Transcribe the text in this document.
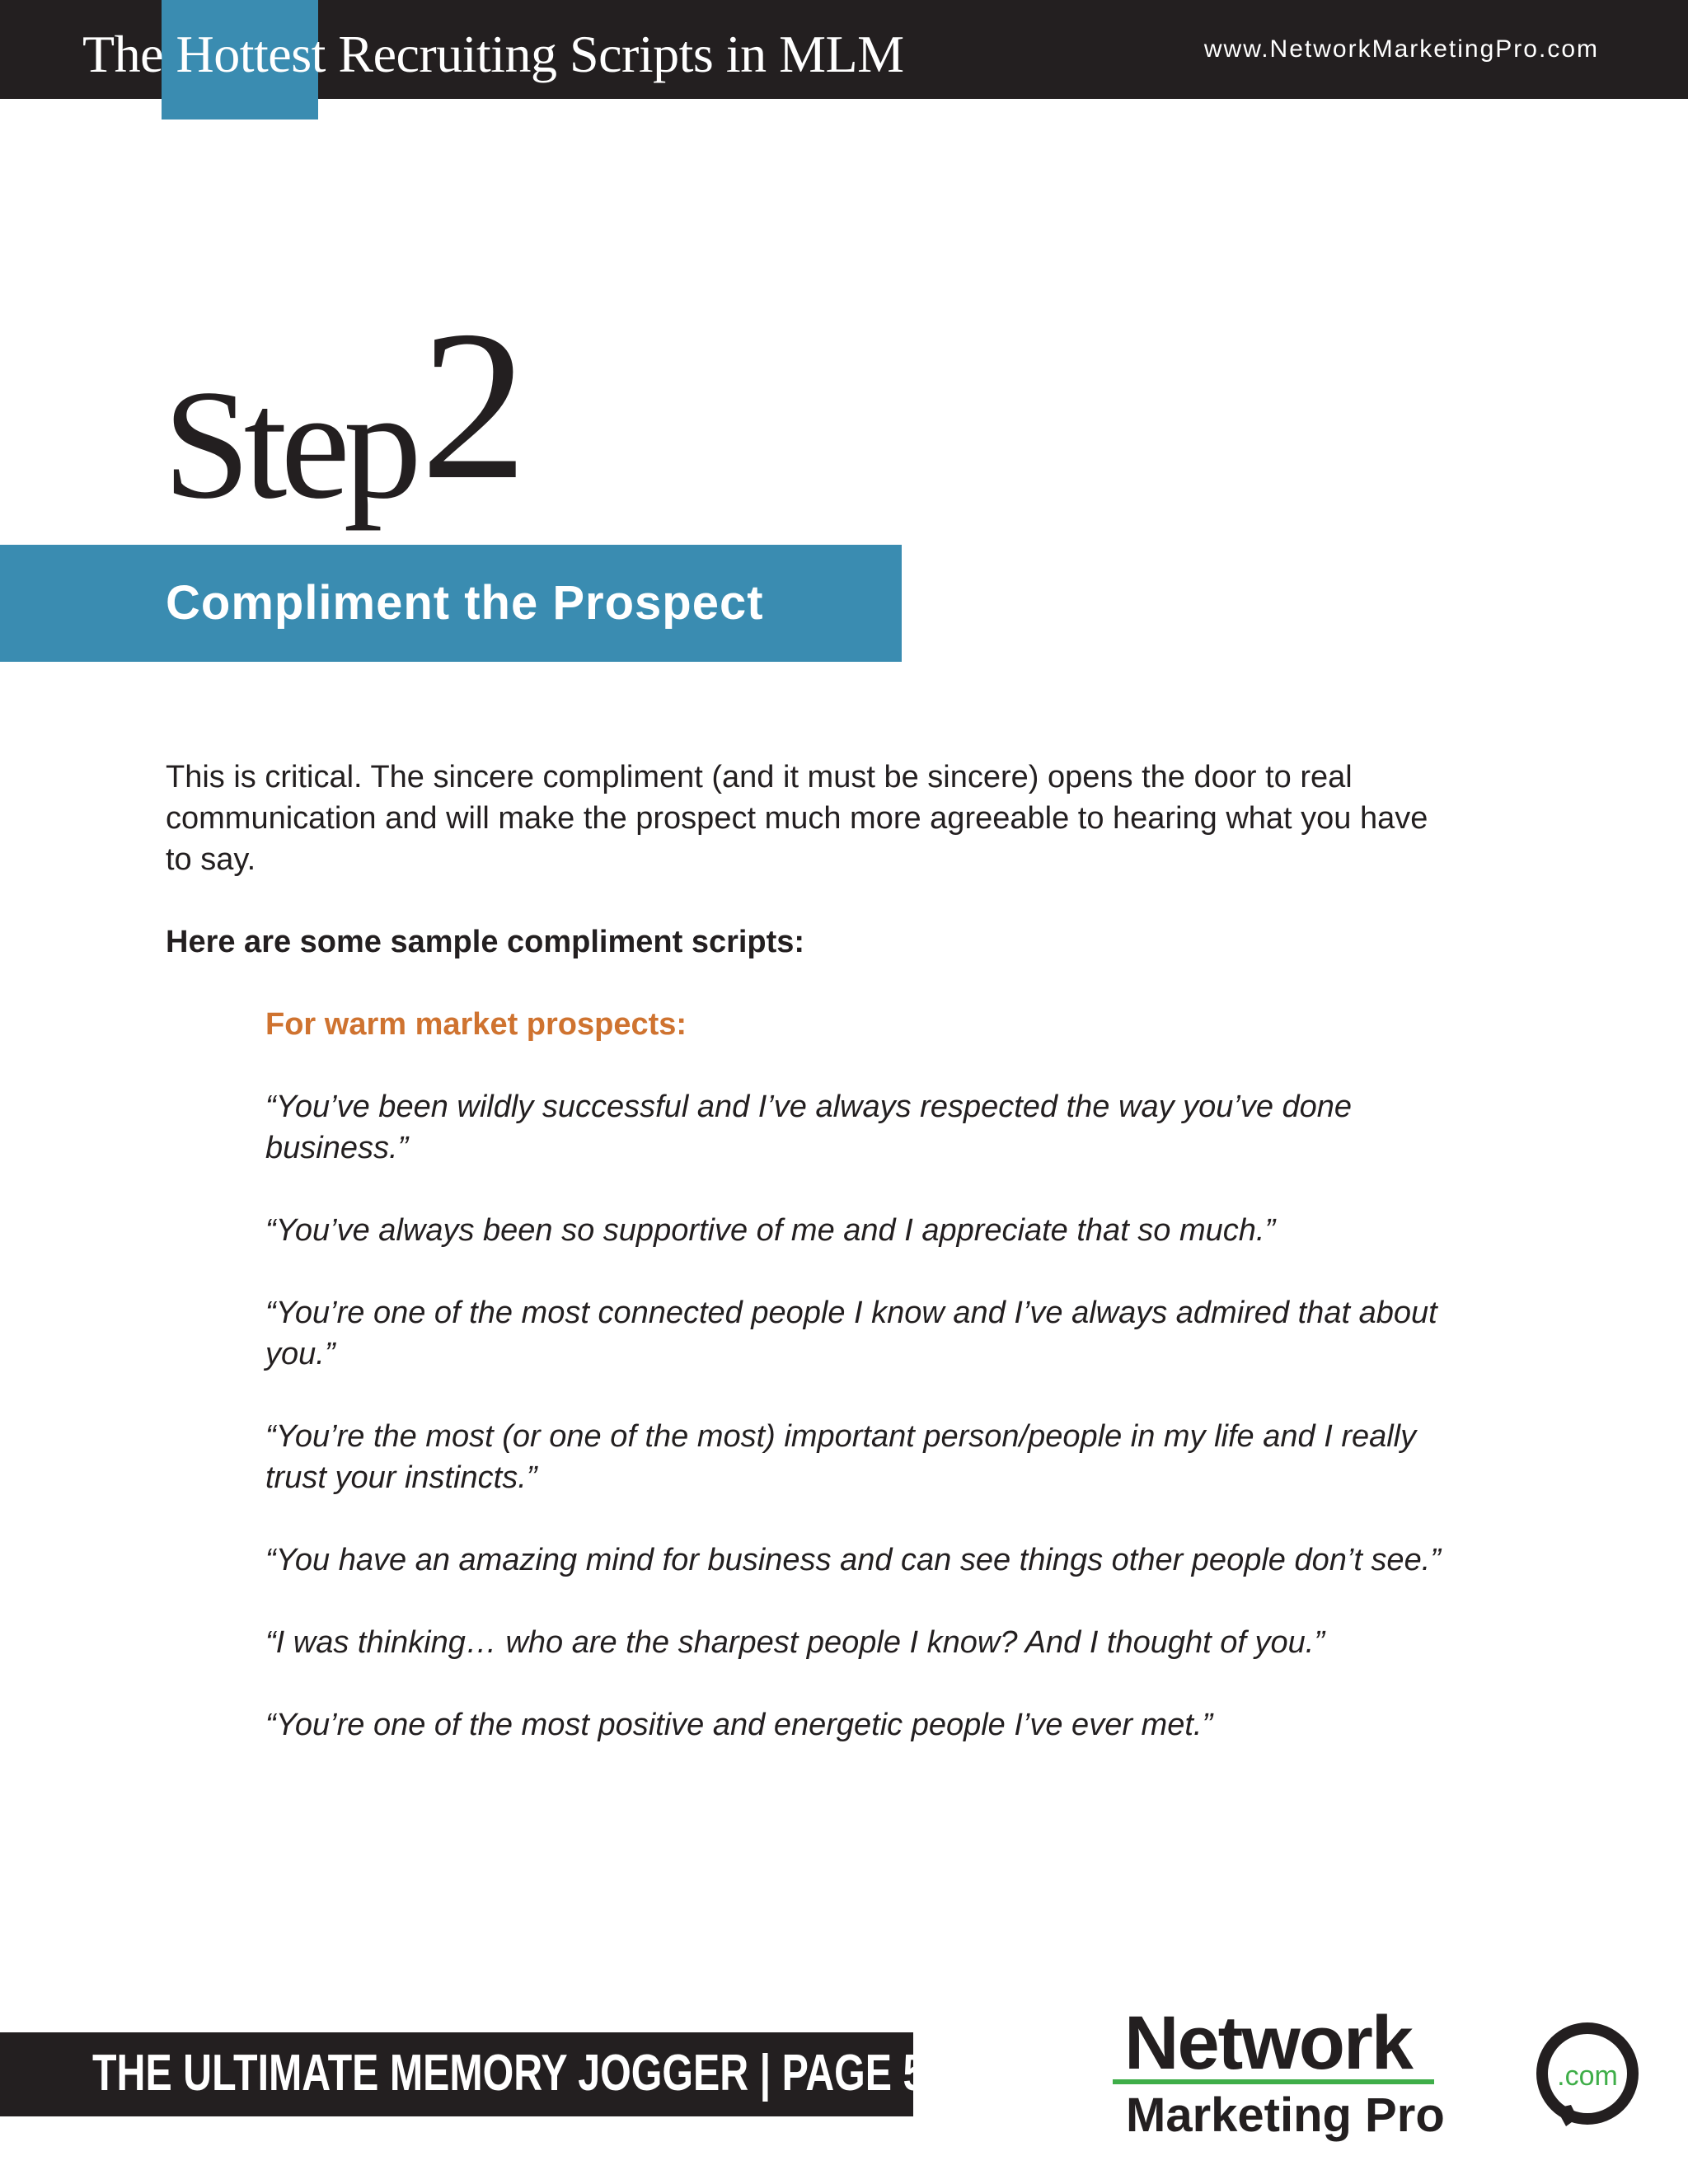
The Hottest Recruiting Scripts in MLM	www.NetworkMarketingPro.com
Step 2
Compliment the Prospect

This is critical. The sincere compliment (and it must be sincere) opens the door to real communication and will make the prospect much more agreeable to hearing what you have to say.

Here are some sample compliment scripts:

For warm market prospects:

“You’ve been wildly successful and I’ve always respected the way you’ve done business.”
“You’ve always been so supportive of me and I appreciate that so much.”
“You’re one of the most connected people I know and I’ve always admired that about you.”
“You’re the most (or one of the most) important person/people in my life and I really trust your instincts.”
“You have an amazing mind for business and can see things other people don’t see.”
“I was thinking… who are the sharpest people I know? And I thought of you.”
“You’re one of the most positive and energetic people I’ve ever met.”

THE ULTIMATE MEMORY JOGGER | PAGE 55	.com
Network
Marketing Pro
